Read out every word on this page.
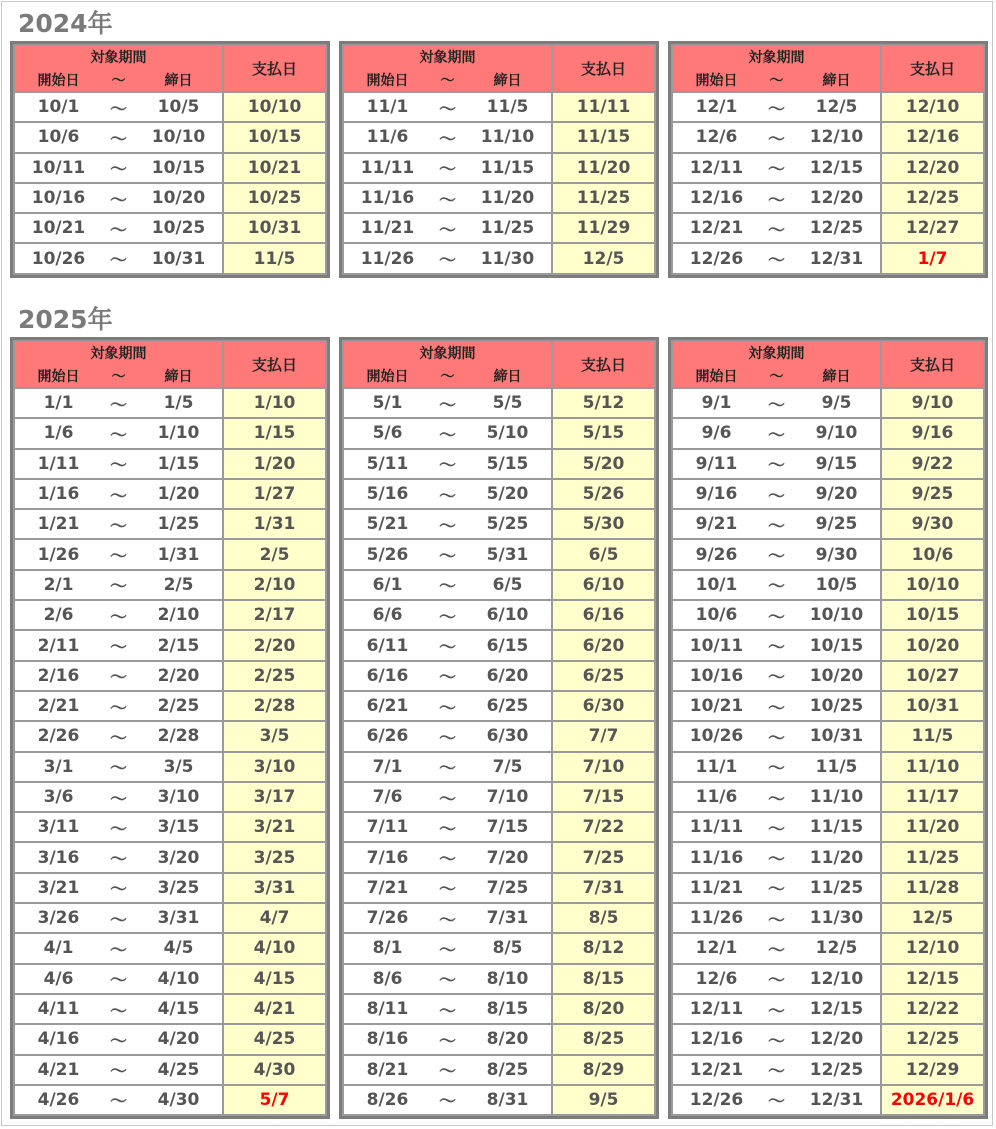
2024年
対象期間			支払日
開始日	～	締日	
10/1	～	10/5	10/10
10/6	～	10/10	10/15
10/11	～	10/15	10/21
10/16	～	10/20	10/25
10/21	～	10/25	10/31
10/26	～	10/31	11/5
対象期間			支払日
開始日	～	締日	
11/1	～	11/5	11/11
11/6	～	11/10	11/15
11/11	～	11/15	11/20
11/16	～	11/20	11/25
11/21	～	11/25	11/29
11/26	～	11/30	12/5
対象期間			支払日
開始日	～	締日	
12/1	～	12/5	12/10
12/6	～	12/10	12/16
12/11	～	12/15	12/20
12/16	～	12/20	12/25
12/21	～	12/25	12/27
12/26	～	12/31	1/7
2025年
対象期間			支払日
開始日	～	締日	
1/1	～	1/5	1/10
1/6	～	1/10	1/15
1/11	～	1/15	1/20
1/16	～	1/20	1/27
1/21	～	1/25	1/31
1/26	～	1/31	2/5
2/1	～	2/5	2/10
2/6	～	2/10	2/17
2/11	～	2/15	2/20
2/16	～	2/20	2/25
2/21	～	2/25	2/28
2/26	～	2/28	3/5
3/1	～	3/5	3/10
3/6	～	3/10	3/17
3/11	～	3/15	3/21
3/16	～	3/20	3/25
3/21	～	3/25	3/31
3/26	～	3/31	4/7
4/1	～	4/5	4/10
4/6	～	4/10	4/15
4/11	～	4/15	4/21
4/16	～	4/20	4/25
4/21	～	4/25	4/30
4/26	～	4/30	5/7
対象期間			支払日
開始日	～	締日	
5/1	～	5/5	5/12
5/6	～	5/10	5/15
5/11	～	5/15	5/20
5/16	～	5/20	5/26
5/21	～	5/25	5/30
5/26	～	5/31	6/5
6/1	～	6/5	6/10
6/6	～	6/10	6/16
6/11	～	6/15	6/20
6/16	～	6/20	6/25
6/21	～	6/25	6/30
6/26	～	6/30	7/7
7/1	～	7/5	7/10
7/6	～	7/10	7/15
7/11	～	7/15	7/22
7/16	～	7/20	7/25
7/21	～	7/25	7/31
7/26	～	7/31	8/5
8/1	～	8/5	8/12
8/6	～	8/10	8/15
8/11	～	8/15	8/20
8/16	～	8/20	8/25
8/21	～	8/25	8/29
8/26	～	8/31	9/5
対象期間			支払日
開始日	～	締日	
9/1	～	9/5	9/10
9/6	～	9/10	9/16
9/11	～	9/15	9/22
9/16	～	9/20	9/25
9/21	～	9/25	9/30
9/26	～	9/30	10/6
10/1	～	10/5	10/10
10/6	～	10/10	10/15
10/11	～	10/15	10/20
10/16	～	10/20	10/27
10/21	～	10/25	10/31
10/26	～	10/31	11/5
11/1	～	11/5	11/10
11/6	～	11/10	11/17
11/11	～	11/15	11/20
11/16	～	11/20	11/25
11/21	～	11/25	11/28
11/26	～	11/30	12/5
12/1	～	12/5	12/10
12/6	～	12/10	12/15
12/11	～	12/15	12/22
12/16	～	12/20	12/25
12/21	～	12/25	12/29
12/26	～	12/31	2026/1/6
